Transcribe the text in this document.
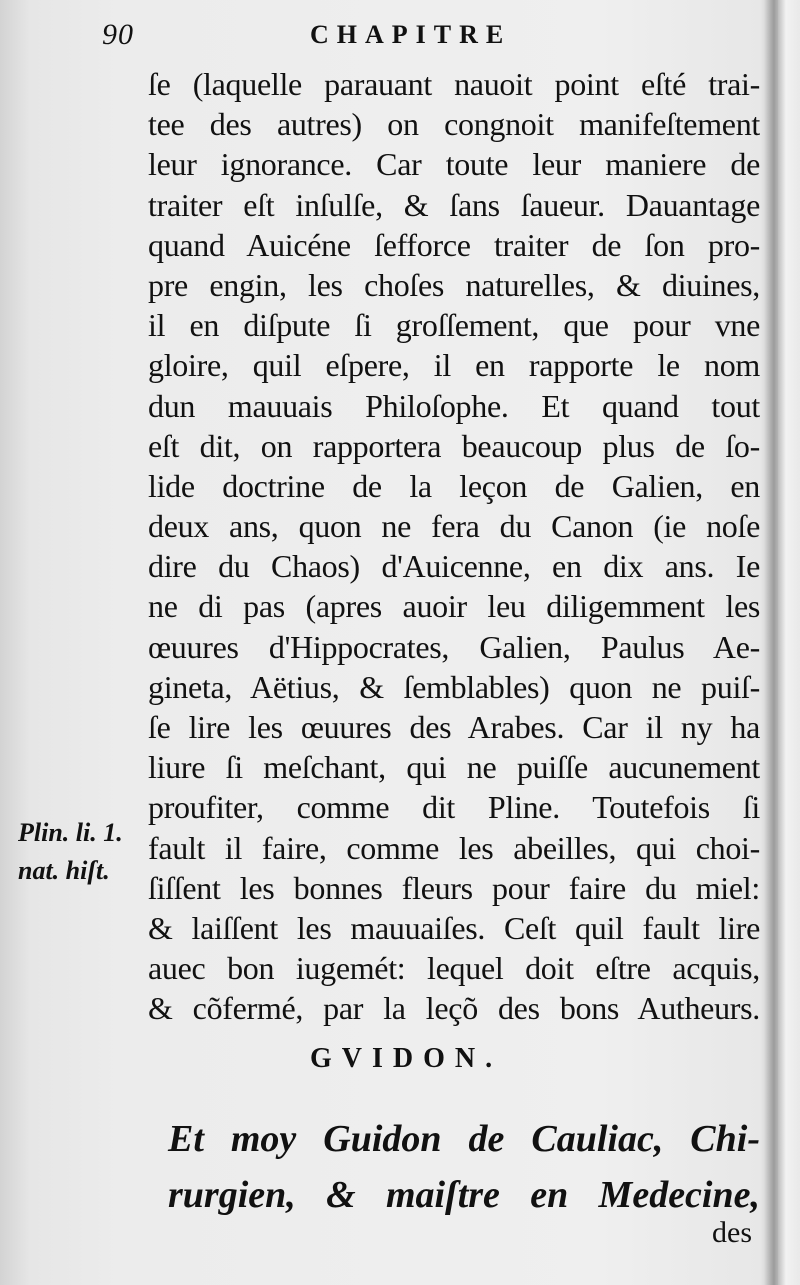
90	CHAPITRE
ſe (laquelle parauant nauoit point eſté trai-
tee des autres) on congnoit manifeſtement
leur ignorance. Car toute leur maniere de
traiter eſt inſulſe, & ſans ſaueur. Dauantage
quand Auicéne ſefforce traiter de ſon pro-
pre engin, les choſes naturelles, & diuines,
il en diſpute ſi groſſement, que pour vne
gloire, quil eſpere, il en rapporte le nom
dun mauuais Philoſophe. Et quand tout
eſt dit, on rapportera beaucoup plus de ſo-
lide doctrine de la leçon de Galien, en
deux ans, quon ne fera du Canon (ie noſe
dire du Chaos) d'Auicenne, en dix ans. Ie
ne di pas (apres auoir leu diligemment les
œuures d'Hippocrates, Galien, Paulus Ae-
gineta, Aëtius, & ſemblables) quon ne puiſ-
ſe lire les œuures des Arabes. Car il ny ha
liure ſi meſchant, qui ne puiſſe aucunement
proufiter, comme dit Pline. Toutefois ſi
fault il faire, comme les abeilles, qui choi-
ſiſſent les bonnes fleurs pour faire du miel:
& laiſſent les mauuaiſes. Ceſt quil fault lire
auec bon iugemét: lequel doit eſtre acquis,
& cõfermé, par la leçõ des bons Autheurs.
Plin. li. 1.
nat. hiſt.
GVIDON.
Et moy Guidon de Cauliac, Chi-
rurgien, & maiſtre en Medecine,
des
